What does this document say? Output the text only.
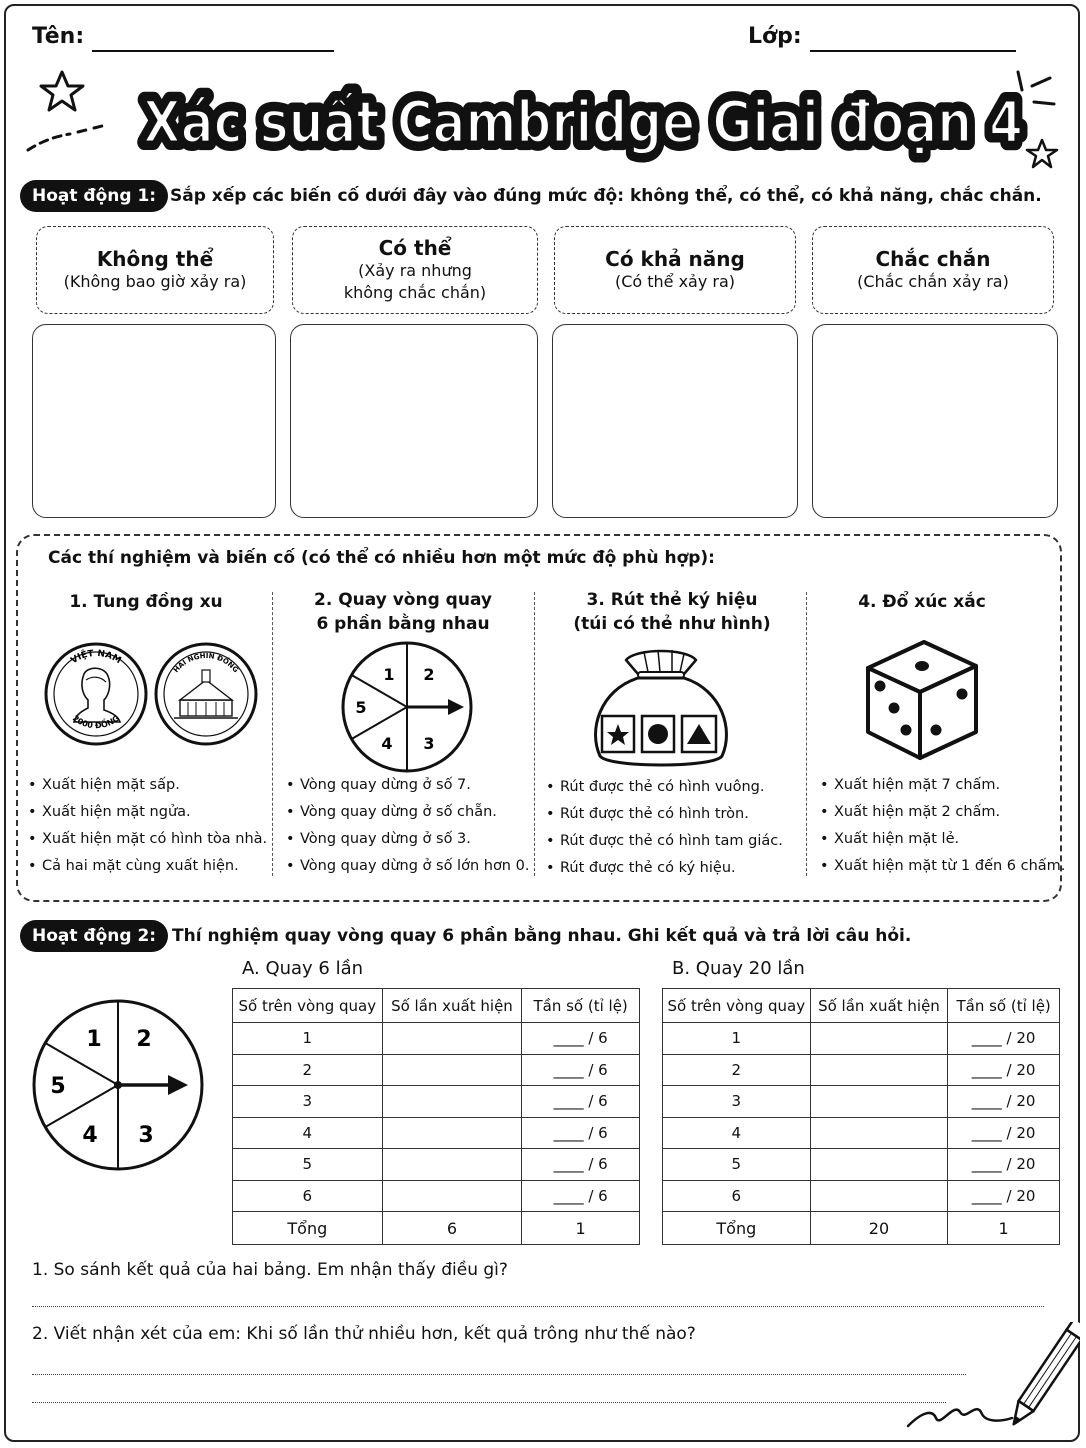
Tên:	Lớp:
Xác suất Cambridge Giai đoạn 4
Xác suất Cambridge Giai đoạn 4
Hoạt động 1: Sắp xếp các biến cố dưới đây vào đúng mức độ: không thể, có thể, có khả năng, chắc chắn.
Không thể
(Không bao giờ xảy ra)
Có thể
(Xảy ra nhưng
không chắc chắn)
Có khả năng
(Có thể xảy ra)
Chắc chắn
(Chắc chắn xảy ra)
Các thí nghiệm và biến cố (có thể có nhiều hơn một mức độ phù hợp):
1. Tung đồng xu
VIỆT NAM
2000 ĐỒNG
HAI NGHÌN ĐỒNG
• Xuất hiện mặt sấp.
• Xuất hiện mặt ngửa.
• Xuất hiện mặt có hình tòa nhà.
• Cả hai mặt cùng xuất hiện.
2. Quay vòng quay
6 phần bằng nhau
1 2
5
4 3
• Vòng quay dừng ở số 7.
• Vòng quay dừng ở số chẵn.
• Vòng quay dừng ở số 3.
• Vòng quay dừng ở số lớn hơn 0.
3. Rút thẻ ký hiệu
(túi có thẻ như hình)
• Rút được thẻ có hình vuông.
• Rút được thẻ có hình tròn.
• Rút được thẻ có hình tam giác.
• Rút được thẻ có ký hiệu.
4. Đổ xúc xắc
• Xuất hiện mặt 7 chấm.
• Xuất hiện mặt 2 chấm.
• Xuất hiện mặt lẻ.
• Xuất hiện mặt từ 1 đến 6 chấm.
Hoạt động 2: Thí nghiệm quay vòng quay 6 phần bằng nhau. Ghi kết quả và trả lời câu hỏi.
1 2
5
4 3
A. Quay 6 lần	B. Quay 20 lần
Số trên vòng quay	Số lần xuất hiện	Tần số (tỉ lệ)
1		____ / 6
2		____ / 6
3		____ / 6
4		____ / 6
5		____ / 6
6		____ / 6
Tổng	6	1
Số trên vòng quay	Số lần xuất hiện	Tần số (tỉ lệ)
1		____ / 20
2		____ / 20
3		____ / 20
4		____ / 20
5		____ / 20
6		____ / 20
Tổng	20	1
1. So sánh kết quả của hai bảng. Em nhận thấy điều gì?
2. Viết nhận xét của em: Khi số lần thử nhiều hơn, kết quả trông như thế nào?
